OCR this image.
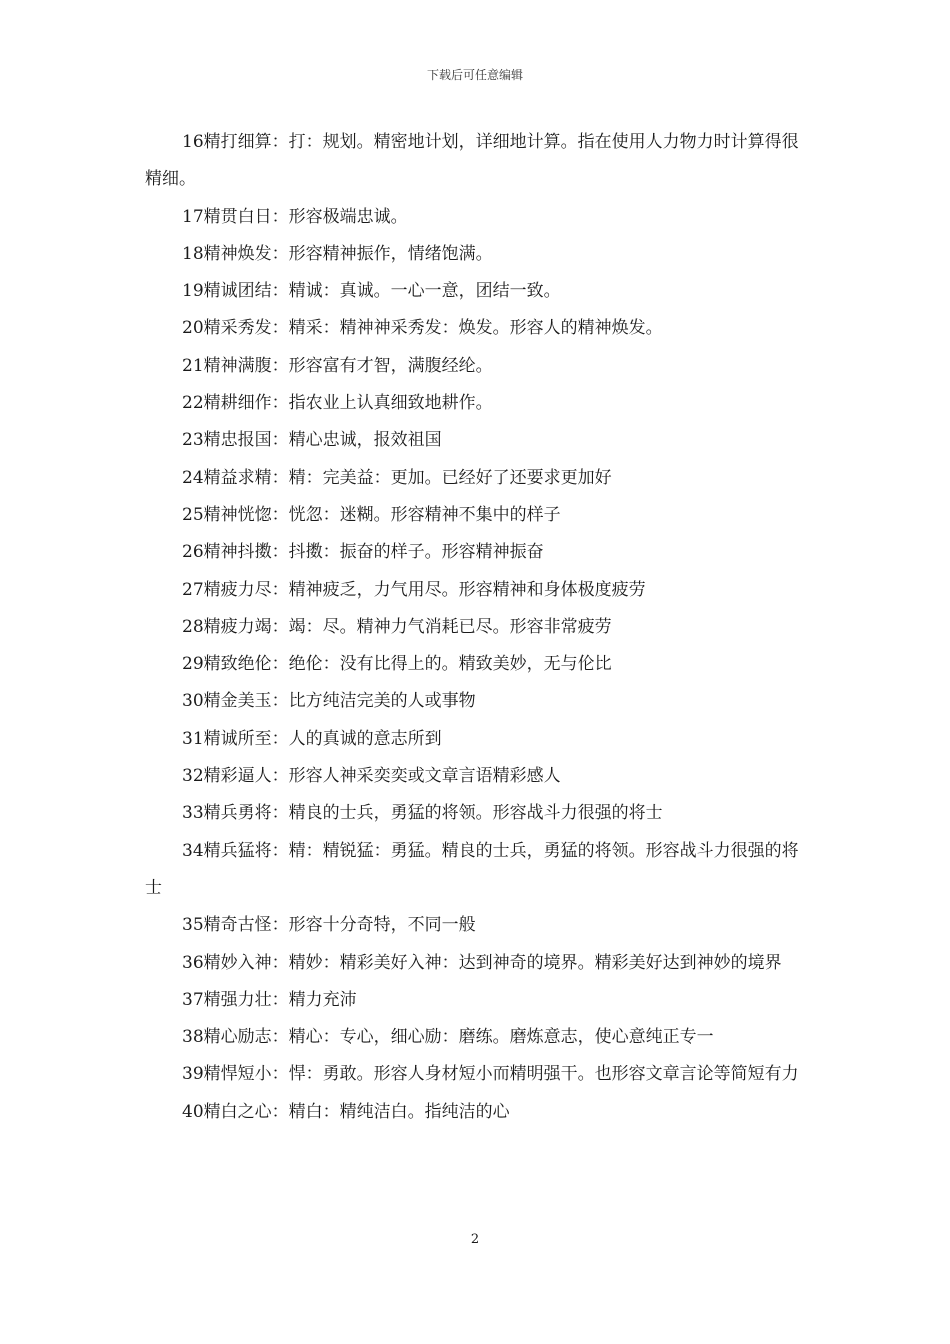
下载后可任意编辑

16精打细算：打：规划。精密地计划，详细地计算。指在使用人力物力时计算得很精细。

17精贯白日：形容极端忠诚。

18精神焕发：形容精神振作，情绪饱满。

19精诚团结：精诚：真诚。一心一意，团结一致。

20精采秀发：精采：精神神采秀发：焕发。形容人的精神焕发。

21精神满腹：形容富有才智，满腹经纶。

22精耕细作：指农业上认真细致地耕作。

23精忠报国：精心忠诚，报效祖国

24精益求精：精：完美益：更加。已经好了还要求更加好

25精神恍惚：恍忽：迷糊。形容精神不集中的样子

26精神抖擞：抖擞：振奋的样子。形容精神振奋

27精疲力尽：精神疲乏，力气用尽。形容精神和身体极度疲劳

28精疲力竭：竭：尽。精神力气消耗已尽。形容非常疲劳

29精致绝伦：绝伦：没有比得上的。精致美妙，无与伦比

30精金美玉：比方纯洁完美的人或事物

31精诚所至：人的真诚的意志所到

32精彩逼人：形容人神采奕奕或文章言语精彩感人

33精兵勇将：精良的士兵，勇猛的将领。形容战斗力很强的将士

34精兵猛将：精：精锐猛：勇猛。精良的士兵，勇猛的将领。形容战斗力很强的将士

35精奇古怪：形容十分奇特，不同一般

36精妙入神：精妙：精彩美好入神：达到神奇的境界。精彩美好达到神妙的境界

37精强力壮：精力充沛

38精心励志：精心：专心，细心励：磨练。磨炼意志，使心意纯正专一

39精悍短小：悍：勇敢。形容人身材短小而精明强干。也形容文章言论等简短有力

40精白之心：精白：精纯洁白。指纯洁的心

2
